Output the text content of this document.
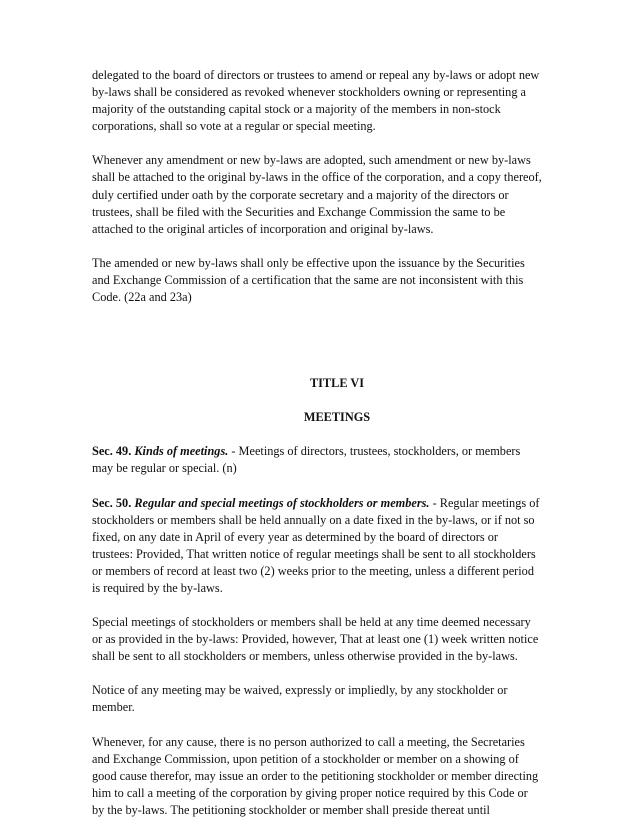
delegated to the board of directors or trustees to amend or repeal any by-laws or adopt new by-laws shall be considered as revoked whenever stockholders owning or representing a majority of the outstanding capital stock or a majority of the members in non-stock corporations, shall so vote at a regular or special meeting.

Whenever any amendment or new by-laws are adopted, such amendment or new by-laws shall be attached to the original by-laws in the office of the corporation, and a copy thereof, duly certified under oath by the corporate secretary and a majority of the directors or trustees, shall be filed with the Securities and Exchange Commission the same to be attached to the original articles of incorporation and original by-laws.

The amended or new by-laws shall only be effective upon the issuance by the Securities and Exchange Commission of a certification that the same are not inconsistent with this Code. (22a and 23a)

TITLE VI
MEETINGS

Sec. 49. Kinds of meetings. - Meetings of directors, trustees, stockholders, or members may be regular or special. (n)

Sec. 50. Regular and special meetings of stockholders or members. - Regular meetings of stockholders or members shall be held annually on a date fixed in the by-laws, or if not so fixed, on any date in April of every year as determined by the board of directors or trustees: Provided, That written notice of regular meetings shall be sent to all stockholders or members of record at least two (2) weeks prior to the meeting, unless a different period is required by the by-laws.

Special meetings of stockholders or members shall be held at any time deemed necessary or as provided in the by-laws: Provided, however, That at least one (1) week written notice shall be sent to all stockholders or members, unless otherwise provided in the by-laws.

Notice of any meeting may be waived, expressly or impliedly, by any stockholder or member.

Whenever, for any cause, there is no person authorized to call a meeting, the Secretaries and Exchange Commission, upon petition of a stockholder or member on a showing of good cause therefor, may issue an order to the petitioning stockholder or member directing him to call a meeting of the corporation by giving proper notice required by this Code or by the by-laws. The petitioning stockholder or member shall preside thereat until
